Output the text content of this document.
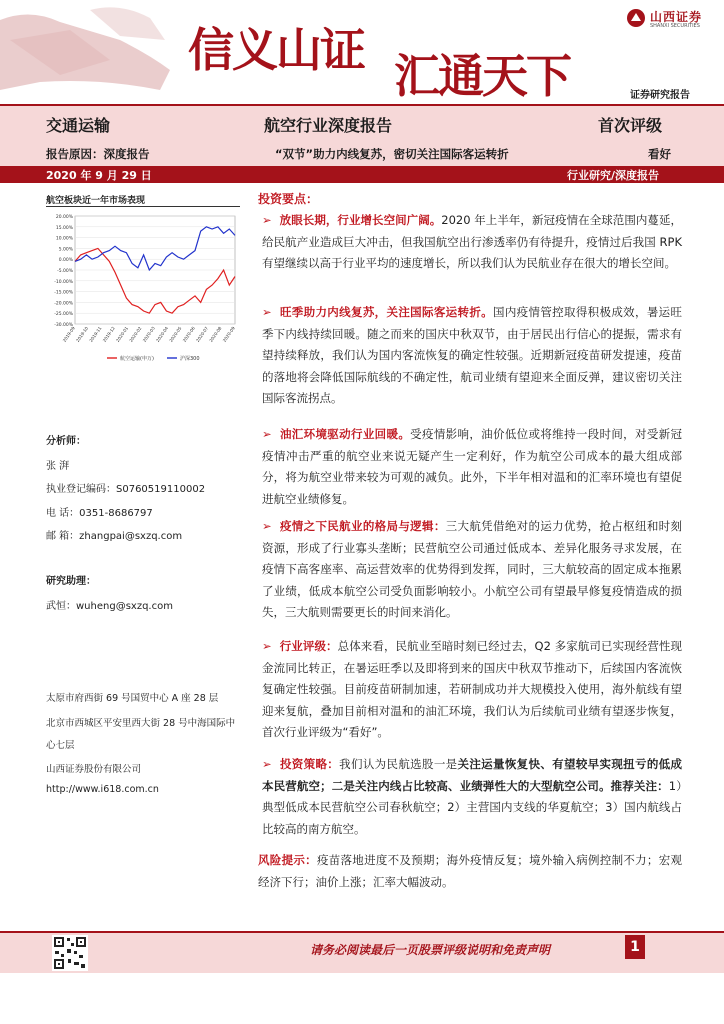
信义山证 汇通天下
山西证券
SHANXI SECURITIES
证券研究报告
交通运输	航空行业深度报告	首次评级
报告原因：深度报告	“双节”助力内线复苏，密切关注国际客运转折	看好
2020 年 9 月 29 日	行业研究/深度报告
航空板块近一年市场表现
20.00%
15.00%
10.00%
5.00%
0.00%
-5.00%
-10.00%
-15.00%
-20.00%
-25.00%
-30.00%
2019-09 2019-10 2019-11 2019-12 2020-01 2020-02 2020-03 2020-04 2020-05 2020-06 2020-07 2020-08 2020-09
航空运输(申万)	沪深300
分析师：
张 湃
执业登记编码：S0760519110002
电 话：0351-8686797
邮 箱：zhangpai@sxzq.com
研究助理：
武恒：wuheng@sxzq.com
太原市府西街 69 号国贸中心 A 座 28 层
北京市西城区平安里西大街 28 号中海国际中心七层
山西证券股份有限公司
http://www.i618.com.cn
投资要点：
➢ 放眼长期，行业增长空间广阔。2020 年上半年，新冠疫情在全球范围内蔓延，给民航产业造成巨大冲击，但我国航空出行渗透率仍有待提升，疫情过后我国 RPK 有望继续以高于行业平均的速度增长，所以我们认为民航业存在很大的增长空间。
➢ 旺季助力内线复苏，关注国际客运转折。国内疫情管控取得积极成效，暑运旺季下内线持续回暖。随之而来的国庆中秋双节，由于居民出行信心的提振，需求有望持续释放，我们认为国内客流恢复的确定性较强。近期新冠疫苗研发提速，疫苗的落地将会降低国际航线的不确定性，航司业绩有望迎来全面反弹，建议密切关注国际客流拐点。
➢ 油汇环境驱动行业回暖。受疫情影响，油价低位或将维持一段时间，对受新冠疫情冲击严重的航空业来说无疑产生一定利好，作为航空公司成本的最大组成部分，将为航空业带来较为可观的减负。此外，下半年相对温和的汇率环境也有望促进航空业绩修复。
➢ 疫情之下民航业的格局与逻辑：三大航凭借绝对的运力优势，抢占枢纽和时刻资源，形成了行业寡头垄断；民营航空公司通过低成本、差异化服务寻求发展，在疫情下高客座率、高运营效率的优势得到发挥，同时，三大航较高的固定成本拖累了业绩，低成本航空公司受负面影响较小。小航空公司有望最早修复疫情造成的损失，三大航则需要更长的时间来消化。
➢ 行业评级：总体来看，民航业至暗时刻已经过去，Q2 多家航司已实现经营性现金流同比转正，在暑运旺季以及即将到来的国庆中秋双节推动下，后续国内客流恢复确定性较强。目前疫苗研制加速，若研制成功并大规模投入使用，海外航线有望迎来复航，叠加目前相对温和的油汇环境，我们认为后续航司业绩有望逐步恢复，首次行业评级为“看好”。
➢ 投资策略：我们认为民航选股一是关注运量恢复快、有望较早实现扭亏的低成本民营航空；二是关注内线占比较高、业绩弹性大的大型航空公司。推荐关注：1）典型低成本民营航空公司春秋航空；2）主营国内支线的华夏航空；3）国内航线占比较高的南方航空。
风险提示：疫苗落地进度不及预期；海外疫情反复；境外输入病例控制不力；宏观经济下行；油价上涨；汇率大幅波动。
请务必阅读最后一页股票评级说明和免责声明	1
